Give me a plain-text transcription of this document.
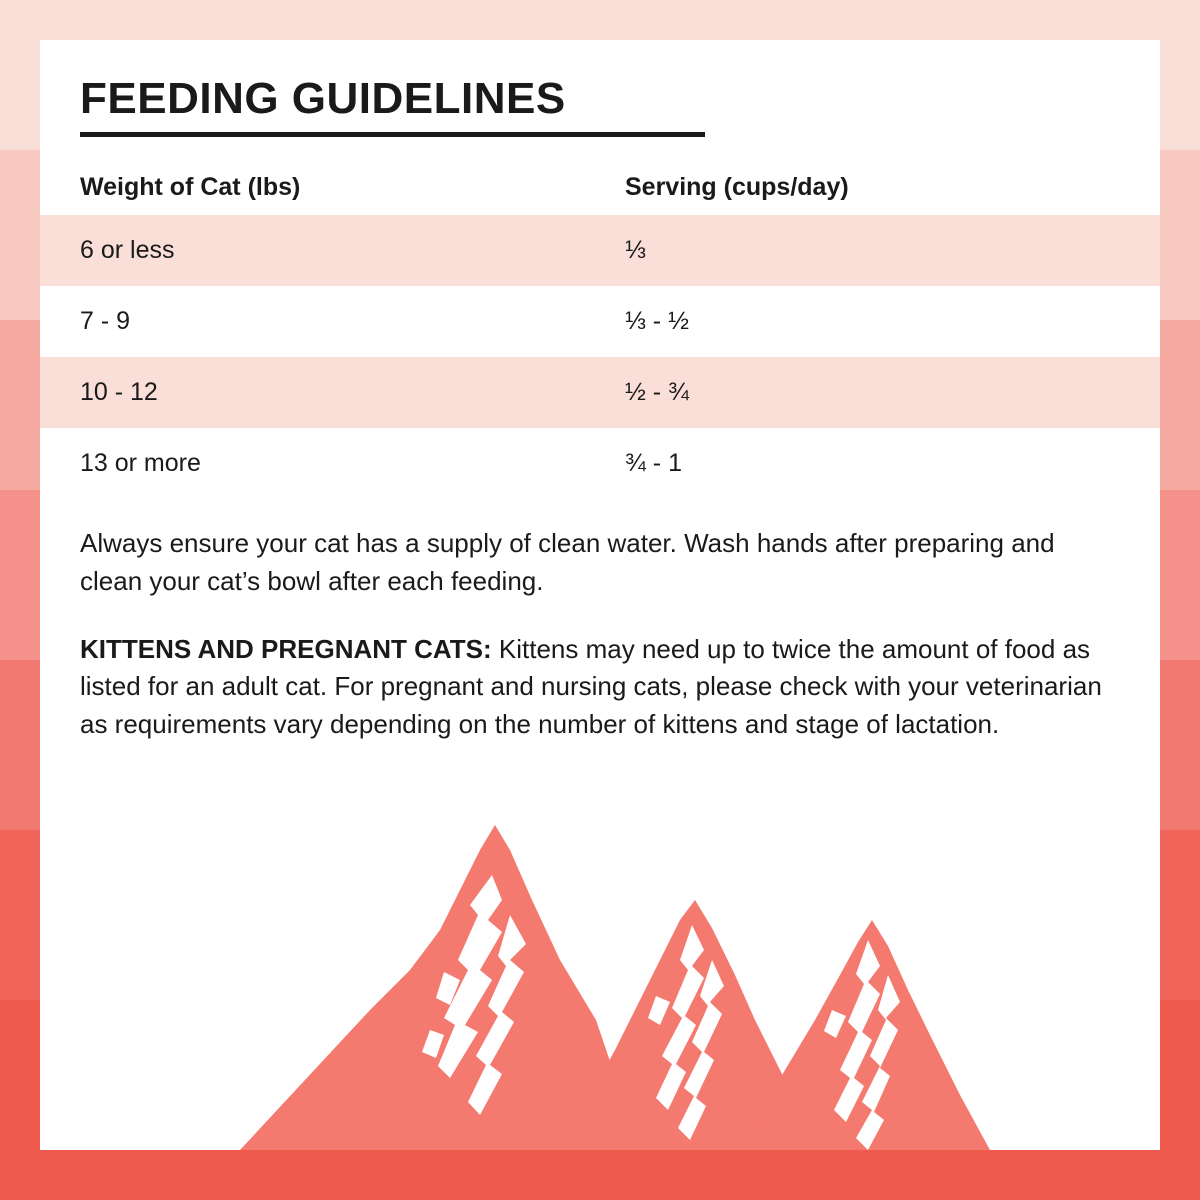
FEEDING GUIDELINES
Weight of Cat (lbs)	Serving (cups/day)
6 or less	⅓
7 - 9	⅓ - ½
10 - 12	½ - ¾
13 or more	¾ - 1

Always ensure your cat has a supply of clean water. Wash hands after preparing and clean your cat’s bowl after each feeding.

KITTENS AND PREGNANT CATS: Kittens may need up to twice the amount of food as listed for an adult cat. For pregnant and nursing cats, please check with your veterinarian as requirements vary depending on the number of kittens and stage of lactation.
